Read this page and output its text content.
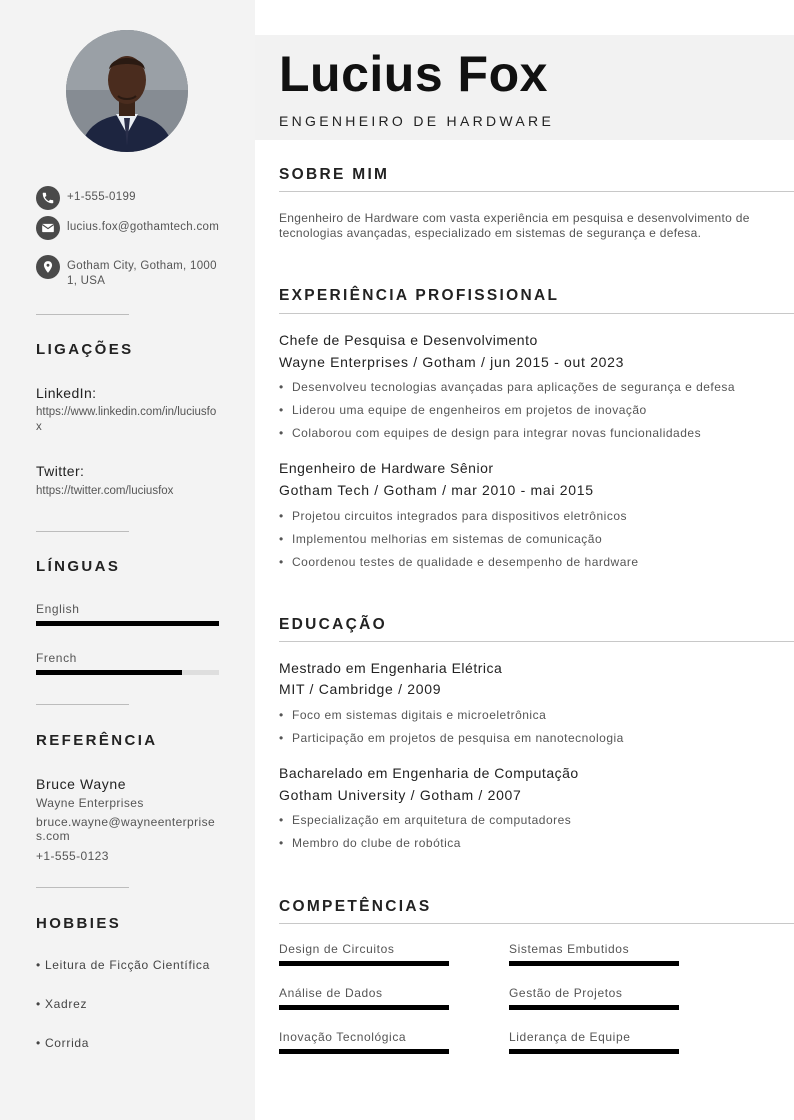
+1-555-0199
lucius.fox@gothamtech.com
Gotham City, Gotham, 10001, USA
LIGAÇÕES
LinkedIn:
https://www.linkedin.com/in/luciusfox
Twitter:
https://twitter.com/luciusfox
LÍNGUAS
English
French
REFERÊNCIA
Bruce Wayne
Wayne Enterprises
bruce.wayne@wayneenterprises.com
+1-555-0123
HOBBIES
• Leitura de Ficção Científica
• Xadrez
• Corrida
Lucius Fox
ENGENHEIRO DE HARDWARE
SOBRE MIM
Engenheiro de Hardware com vasta experiência em pesquisa e desenvolvimento de tecnologias avançadas, especializado em sistemas de segurança e defesa.
EXPERIÊNCIA PROFISSIONAL
Chefe de Pesquisa e Desenvolvimento
Wayne Enterprises / Gotham / jun 2015 - out 2023
• Desenvolveu tecnologias avançadas para aplicações de segurança e defesa
• Liderou uma equipe de engenheiros em projetos de inovação
• Colaborou com equipes de design para integrar novas funcionalidades
Engenheiro de Hardware Sênior
Gotham Tech / Gotham / mar 2010 - mai 2015
• Projetou circuitos integrados para dispositivos eletrônicos
• Implementou melhorias em sistemas de comunicação
• Coordenou testes de qualidade e desempenho de hardware
EDUCAÇÃO
Mestrado em Engenharia Elétrica
MIT / Cambridge / 2009
• Foco em sistemas digitais e microeletrônica
• Participação em projetos de pesquisa em nanotecnologia
Bacharelado em Engenharia de Computação
Gotham University / Gotham / 2007
• Especialização em arquitetura de computadores
• Membro do clube de robótica
COMPETÊNCIAS
Design de Circuitos	Sistemas Embutidos
Análise de Dados	Gestão de Projetos
Inovação Tecnológica	Liderança de Equipe
